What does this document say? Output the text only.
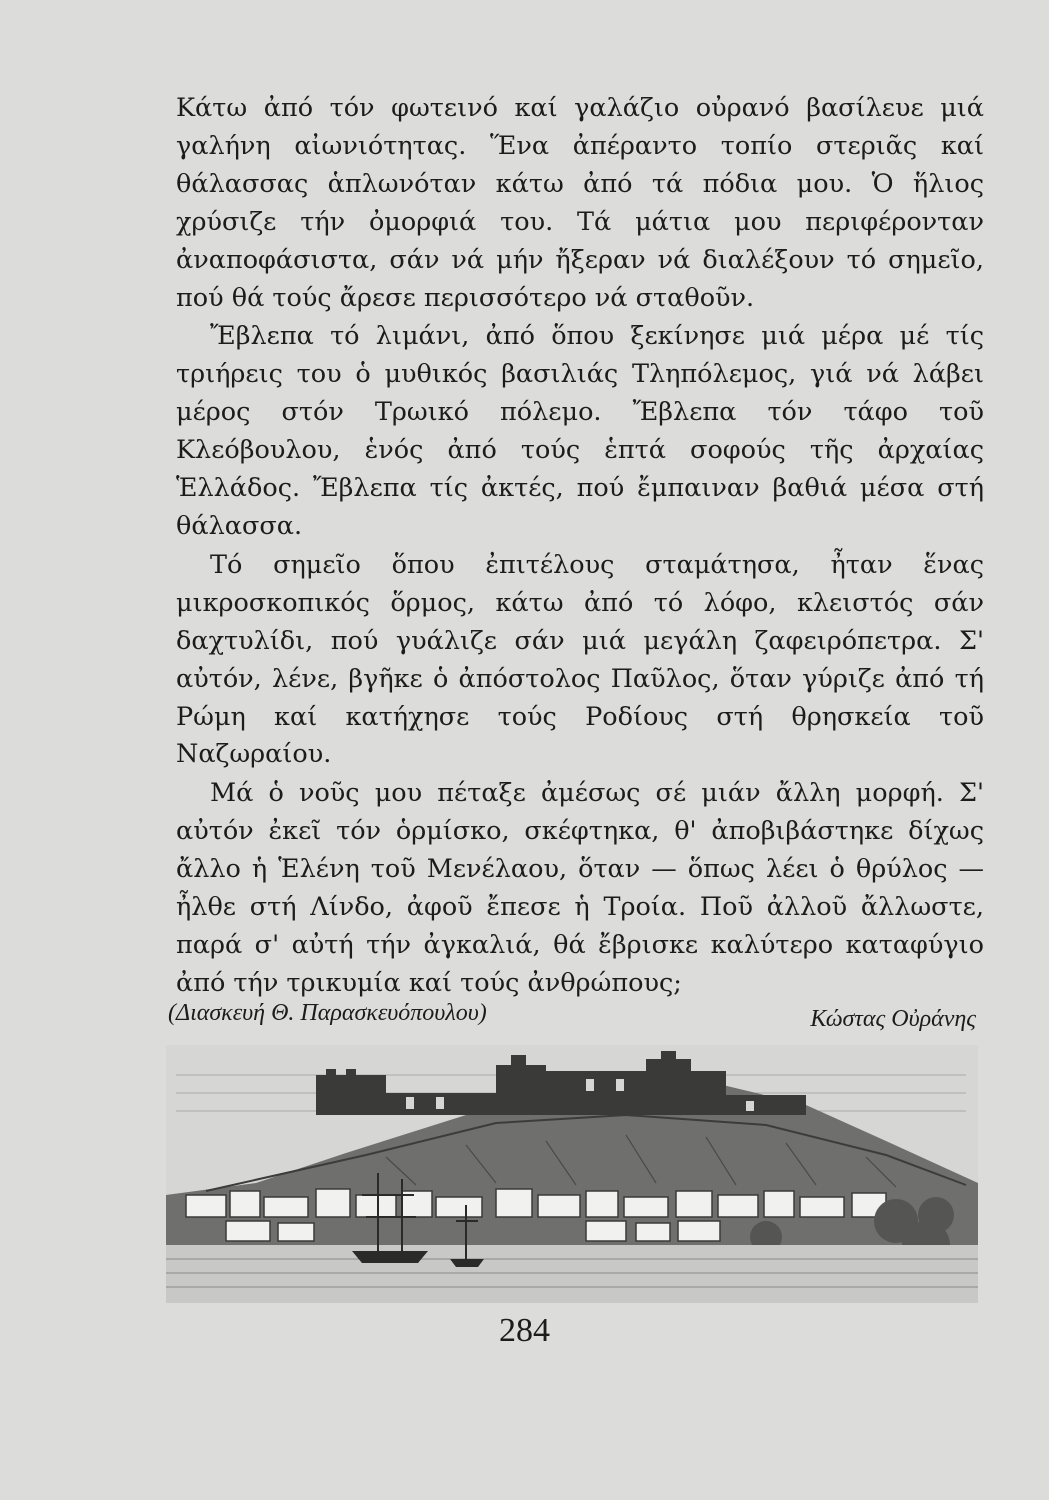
Κάτω ἀπό τόν φωτεινό καί γαλάζιο οὐρανό βασίλευε μιά γαλήνη αἰωνιότητας. Ἕνα ἀπέραντο τοπίο στεριᾶς καί θάλασσας ἁπλωνόταν κάτω ἀπό τά πόδια μου. Ὁ ἥλιος χρύσιζε τήν ὀμορφιά του. Τά μάτια μου περιφέρονταν ἀναποφάσιστα, σάν νά μήν ἤξεραν νά διαλέξουν τό σημεῖο, πού θά τούς ἄρεσε περισσότερο νά σταθοῦν.

Ἔβλεπα τό λιμάνι, ἀπό ὅπου ξεκίνησε μιά μέρα μέ τίς τριήρεις του ὁ μυθικός βασιλιάς Τληπόλεμος, γιά νά λάβει μέρος στόν Τρωικό πόλεμο. Ἔβλεπα τόν τάφο τοῦ Κλεόβουλου, ἑνός ἀπό τούς ἑπτά σοφούς τῆς ἀρχαίας Ἑλλάδος. Ἔβλεπα τίς ἀκτές, πού ἔμπαιναν βαθιά μέσα στή θάλασσα.

Τό σημεῖο ὅπου ἐπιτέλους σταμάτησα, ἦταν ἕνας μικροσκοπικός ὅρμος, κάτω ἀπό τό λόφο, κλειστός σάν δαχτυλίδι, πού γυάλιζε σάν μιά μεγάλη ζαφειρόπετρα. Σ' αὐτόν, λένε, βγῆκε ὁ ἀπόστολος Παῦλος, ὅταν γύριζε ἀπό τή Ρώμη καί κατήχησε τούς Ροδίους στή θρησκεία τοῦ Ναζωραίου.

Μά ὁ νοῦς μου πέταξε ἀμέσως σέ μιάν ἄλλη μορφή. Σ' αὐτόν ἐκεῖ τόν ὁρμίσκο, σκέφτηκα, θ' ἀποβιβάστηκε δίχως ἄλλο ἡ Ἑλένη τοῦ Μενέλαου, ὅταν — ὅπως λέει ὁ θρύλος — ἦλθε στή Λίνδο, ἀφοῦ ἔπεσε ἡ Τροία. Ποῦ ἀλλοῦ ἄλλωστε, παρά σ' αὐτή τήν ἀγκαλιά, θά ἔβρισκε καλύτερο καταφύγιο ἀπό τήν τρικυμία καί τούς ἀνθρώπους;

(Διασκευή Θ. Παρασκευόπουλου)	Κώστας Οὐράνης
284
